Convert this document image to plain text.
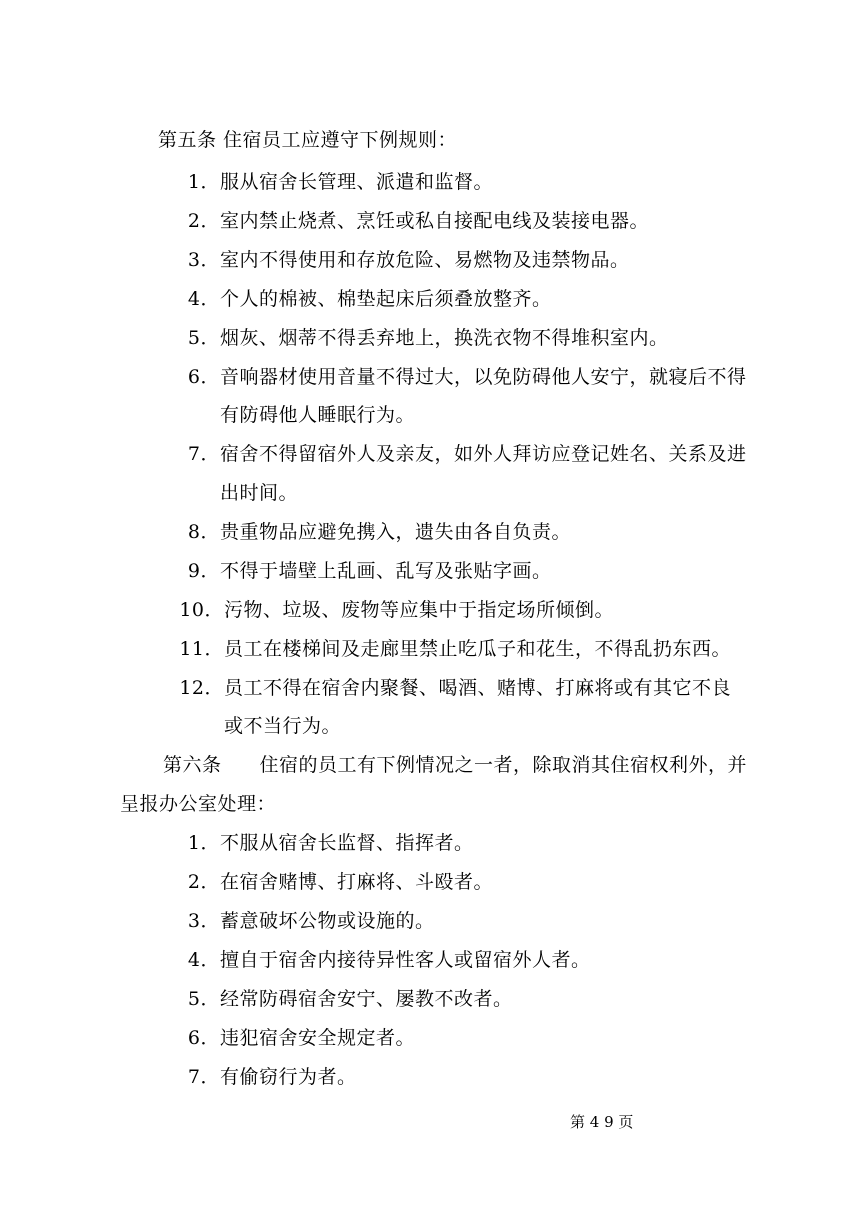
第五条 住宿员工应遵守下例规则：
1．服从宿舍长管理、派遣和监督。
2．室内禁止烧煮、烹饪或私自接配电线及装接电器。
3．室内不得使用和存放危险、易燃物及违禁物品。
4．个人的棉被、棉垫起床后须叠放整齐。
5．烟灰、烟蒂不得丢弃地上，换洗衣物不得堆积室内。
6．音响器材使用音量不得过大，以免防碍他人安宁，就寝后不得
有防碍他人睡眠行为。
7．宿舍不得留宿外人及亲友，如外人拜访应登记姓名、关系及进
出时间。
8．贵重物品应避免携入，遗失由各自负责。
9．不得于墙壁上乱画、乱写及张贴字画。
10．污物、垃圾、废物等应集中于指定场所倾倒。
11．员工在楼梯间及走廊里禁止吃瓜子和花生，不得乱扔东西。
12．员工不得在宿舍内聚餐、喝酒、赌博、打麻将或有其它不良
或不当行为。
第六条 住宿的员工有下例情况之一者，除取消其住宿权利外，并
呈报办公室处理：
1．不服从宿舍长监督、指挥者。
2．在宿舍赌博、打麻将、斗殴者。
3．蓄意破坏公物或设施的。
4．擅自于宿舍内接待异性客人或留宿外人者。
5．经常防碍宿舍安宁、屡教不改者。
6．违犯宿舍安全规定者。
7．有偷窃行为者。
第 4 9 页
